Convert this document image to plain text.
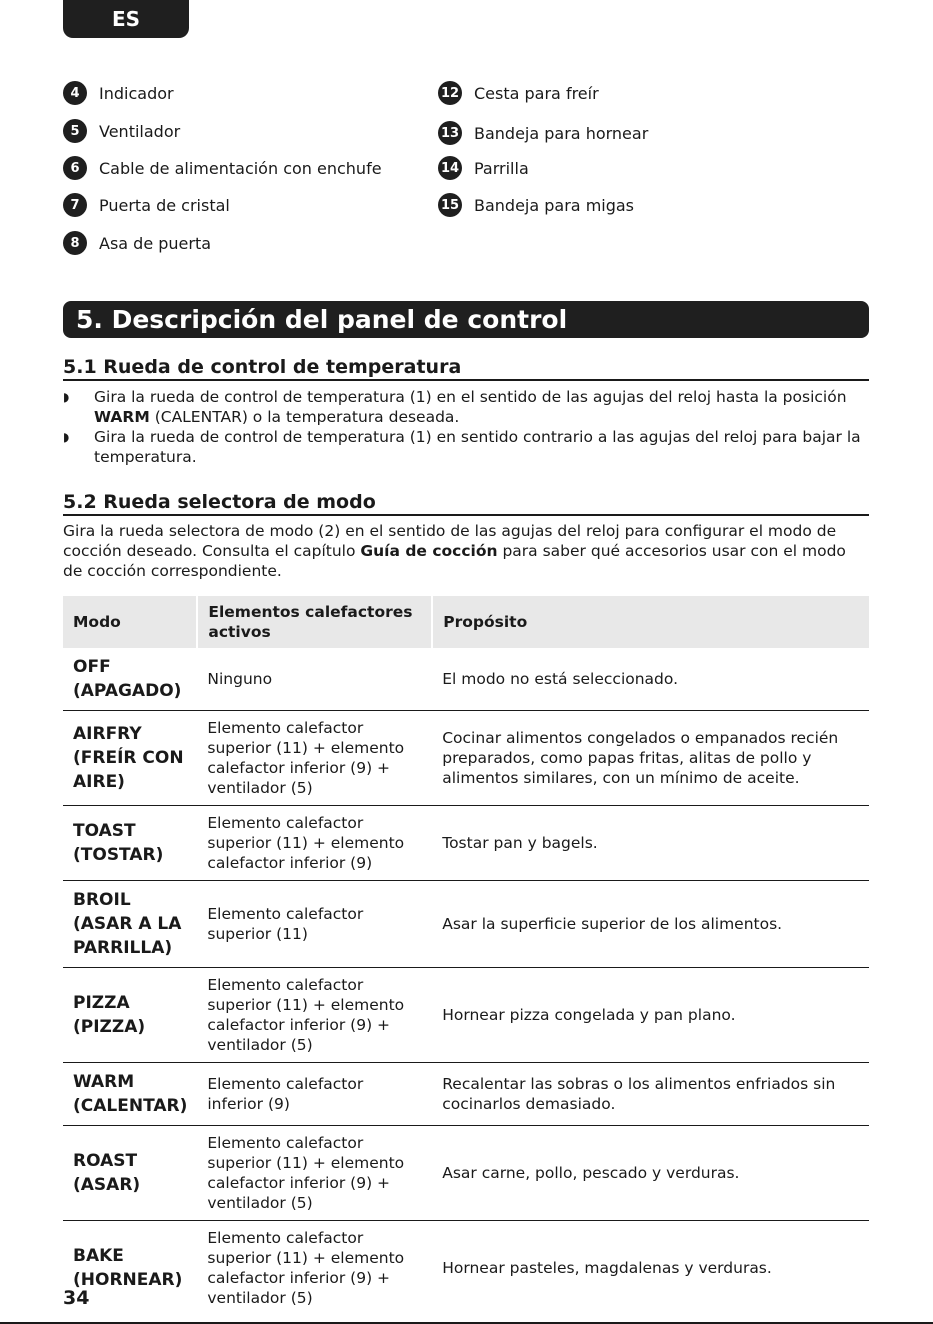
ES
4	Indicador
5	Ventilador
6	Cable de alimentación con enchufe
7	Puerta de cristal
8	Asa de puerta
12 Cesta para freír
13 Bandeja para hornear
14 Parrilla
15 Bandeja para migas
5. Descripción del panel de control
5.1 Rueda de control de temperatura
◗ Gira la rueda de control de temperatura (1) en el sentido de las agujas del reloj hasta la posición WARM (CALENTAR) o la temperatura deseada.
◗ Gira la rueda de control de temperatura (1) en sentido contrario a las agujas del reloj para bajar la temperatura.
5.2 Rueda selectora de modo
Gira la rueda selectora de modo (2) en el sentido de las agujas del reloj para configurar el modo de cocción deseado. Consulta el capítulo Guía de cocción para saber qué accesorios usar con el modo de cocción correspondiente.
Modo	Elementos calefactores activos	Propósito
OFF
(APAGADO)	Ninguno	El modo no está seleccionado.
AIRFRY
(FREÍR CON AIRE)	Elemento calefactor superior (11) + elemento calefactor inferior (9) + ventilador (5)	Cocinar alimentos congelados o empanados recién preparados, como papas fritas, alitas de pollo y alimentos similares, con un mínimo de aceite.
TOAST
(TOSTAR)	Elemento calefactor superior (11) + elemento calefactor inferior (9)	Tostar pan y bagels.
BROIL
(ASAR A LA PARRILLA)	Elemento calefactor superior (11)	Asar la superficie superior de los alimentos.
PIZZA
(PIZZA)	Elemento calefactor superior (11) + elemento calefactor inferior (9) + ventilador (5)	Hornear pizza congelada y pan plano.
WARM
(CALENTAR)	Elemento calefactor inferior (9)	Recalentar las sobras o los alimentos enfriados sin cocinarlos demasiado.
ROAST
(ASAR)	Elemento calefactor superior (11) + elemento calefactor inferior (9) + ventilador (5)	Asar carne, pollo, pescado y verduras.
BAKE
(HORNEAR)	Elemento calefactor superior (11) + elemento calefactor inferior (9) + ventilador (5)	Hornear pasteles, magdalenas y verduras.
34
